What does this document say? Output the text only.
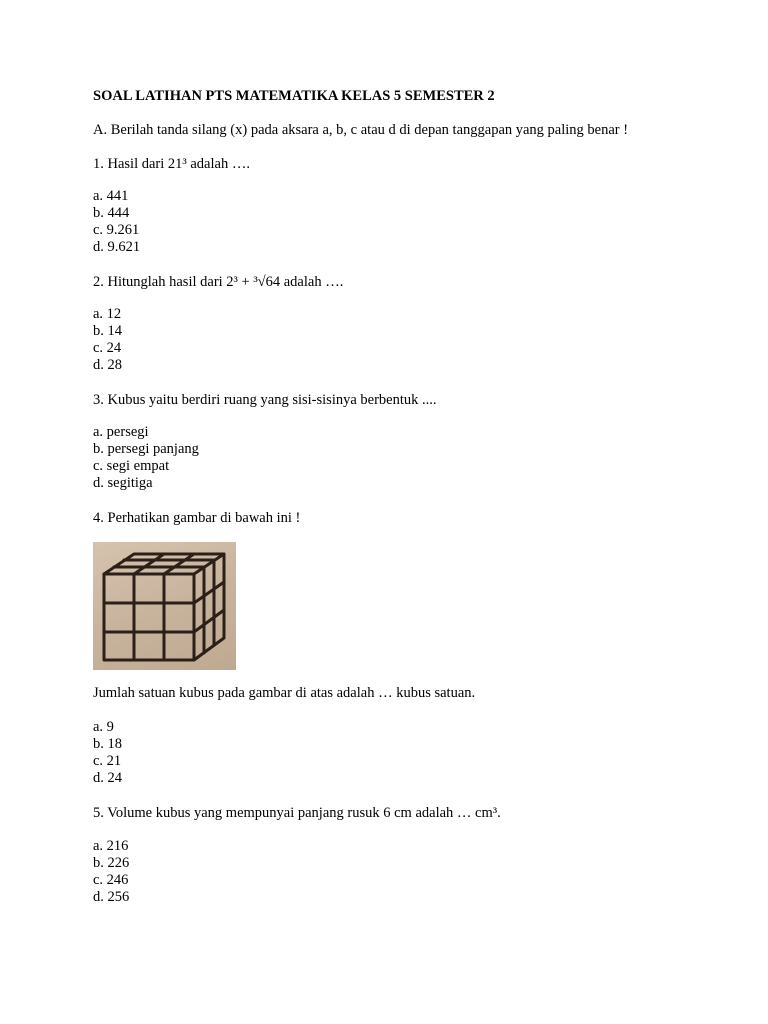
SOAL LATIHAN PTS MATEMATIKA KELAS 5 SEMESTER 2
A. Berilah tanda silang (x) pada aksara a, b, c atau d di depan tanggapan yang paling benar !
1. Hasil dari 21³ adalah ….
a. 441
b. 444
c. 9.261
d. 9.621
2. Hitunglah hasil dari 2³ + ³√64 adalah ….
a. 12
b. 14
c. 24
d. 28
3. Kubus yaitu berdiri ruang yang sisi-sisinya berbentuk ....
a. persegi
b. persegi panjang
c. segi empat
d. segitiga
4. Perhatikan gambar di bawah ini !
Jumlah satuan kubus pada gambar di atas adalah … kubus satuan.
a. 9
b. 18
c. 21
d. 24
5. Volume kubus yang mempunyai panjang rusuk 6 cm adalah … cm³.
a. 216
b. 226
c. 246
d. 256
